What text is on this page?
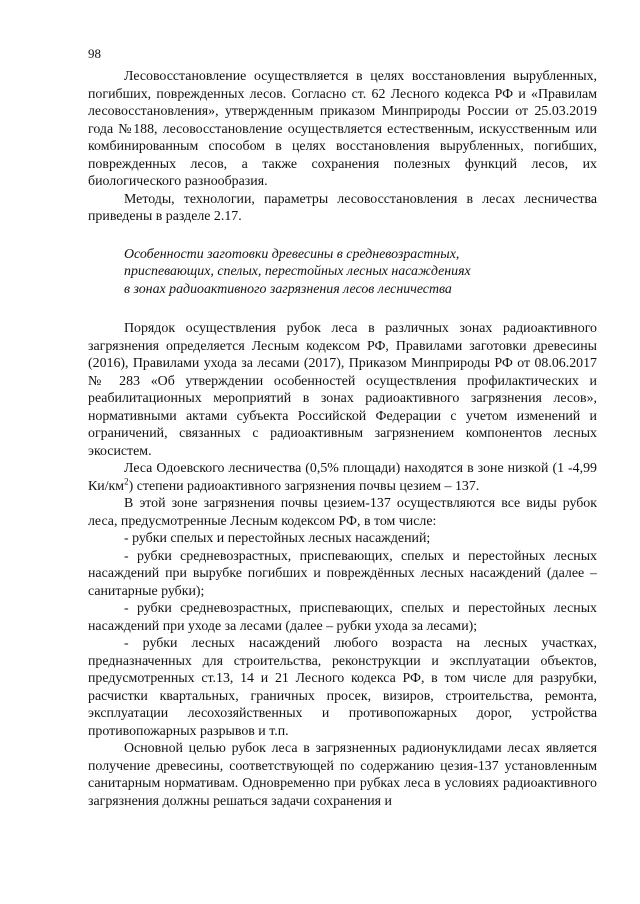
98

Лесовосстановление осуществляется в целях восстановления вырубленных, погибших, поврежденных лесов. Согласно ст. 62 Лесного кодекса РФ и «Правилам лесовосстановления», утвержденным приказом Минприроды России от 25.03.2019 года №188, лесовосстановление осуществляется естественным, искусственным или комбинированным способом в целях восстановления вырубленных, погибших, поврежденных лесов, а также сохранения полезных функций лесов, их биологического разнообразия.

Методы, технологии, параметры лесовосстановления в лесах лесничества приведены в разделе 2.17.

Особенности заготовки древесины в средневозрастных,

приспевающих, спелых, перестойных лесных насаждениях

в зонах радиоактивного загрязнения лесов лесничества

Порядок осуществления рубок леса в различных зонах радиоактивного загрязнения определяется Лесным кодексом РФ, Правилами заготовки древесины (2016), Правилами ухода за лесами (2017), Приказом Минприроды РФ от 08.06.2017 № 283 «Об утверждении особенностей осуществления профилактических и реабилитационных мероприятий в зонах радиоактивного загрязнения лесов», нормативными актами субъекта Российской Федерации с учетом изменений и ограничений, связанных с радиоактивным загрязнением компонентов лесных экосистем.

Леса Одоевского лесничества (0,5% площади) находятся в зоне низкой (1 -4,99 $Ки/км^2$) степени радиоактивного загрязнения почвы цезием – 137.

В этой зоне загрязнения почвы цезием-137 осуществляются все виды рубок леса, предусмотренные Лесным кодексом РФ, в том числе:

- рубки спелых и перестойных лесных насаждений;

- рубки средневозрастных, приспевающих, спелых и перестойных лесных насаждений при вырубке погибших и повреждённых лесных насаждений (далее – санитарные рубки);

- рубки средневозрастных, приспевающих, спелых и перестойных лесных насаждений при уходе за лесами (далее – рубки ухода за лесами);

- рубки лесных насаждений любого возраста на лесных участках, предназначенных для строительства, реконструкции и эксплуатации объектов, предусмотренных ст.13, 14 и 21 Лесного кодекса РФ, в том числе для разрубки, расчистки квартальных, граничных просек, визиров, строительства, ремонта, эксплуатации лесохозяйственных и противопожарных дорог, устройства противопожарных разрывов и т.п.

Основной целью рубок леса в загрязненных радионуклидами лесах является получение древесины, соответствующей по содержанию цезия-137 установленным санитарным нормативам. Одновременно при рубках леса в условиях радиоактивного загрязнения должны решаться задачи сохранения и
